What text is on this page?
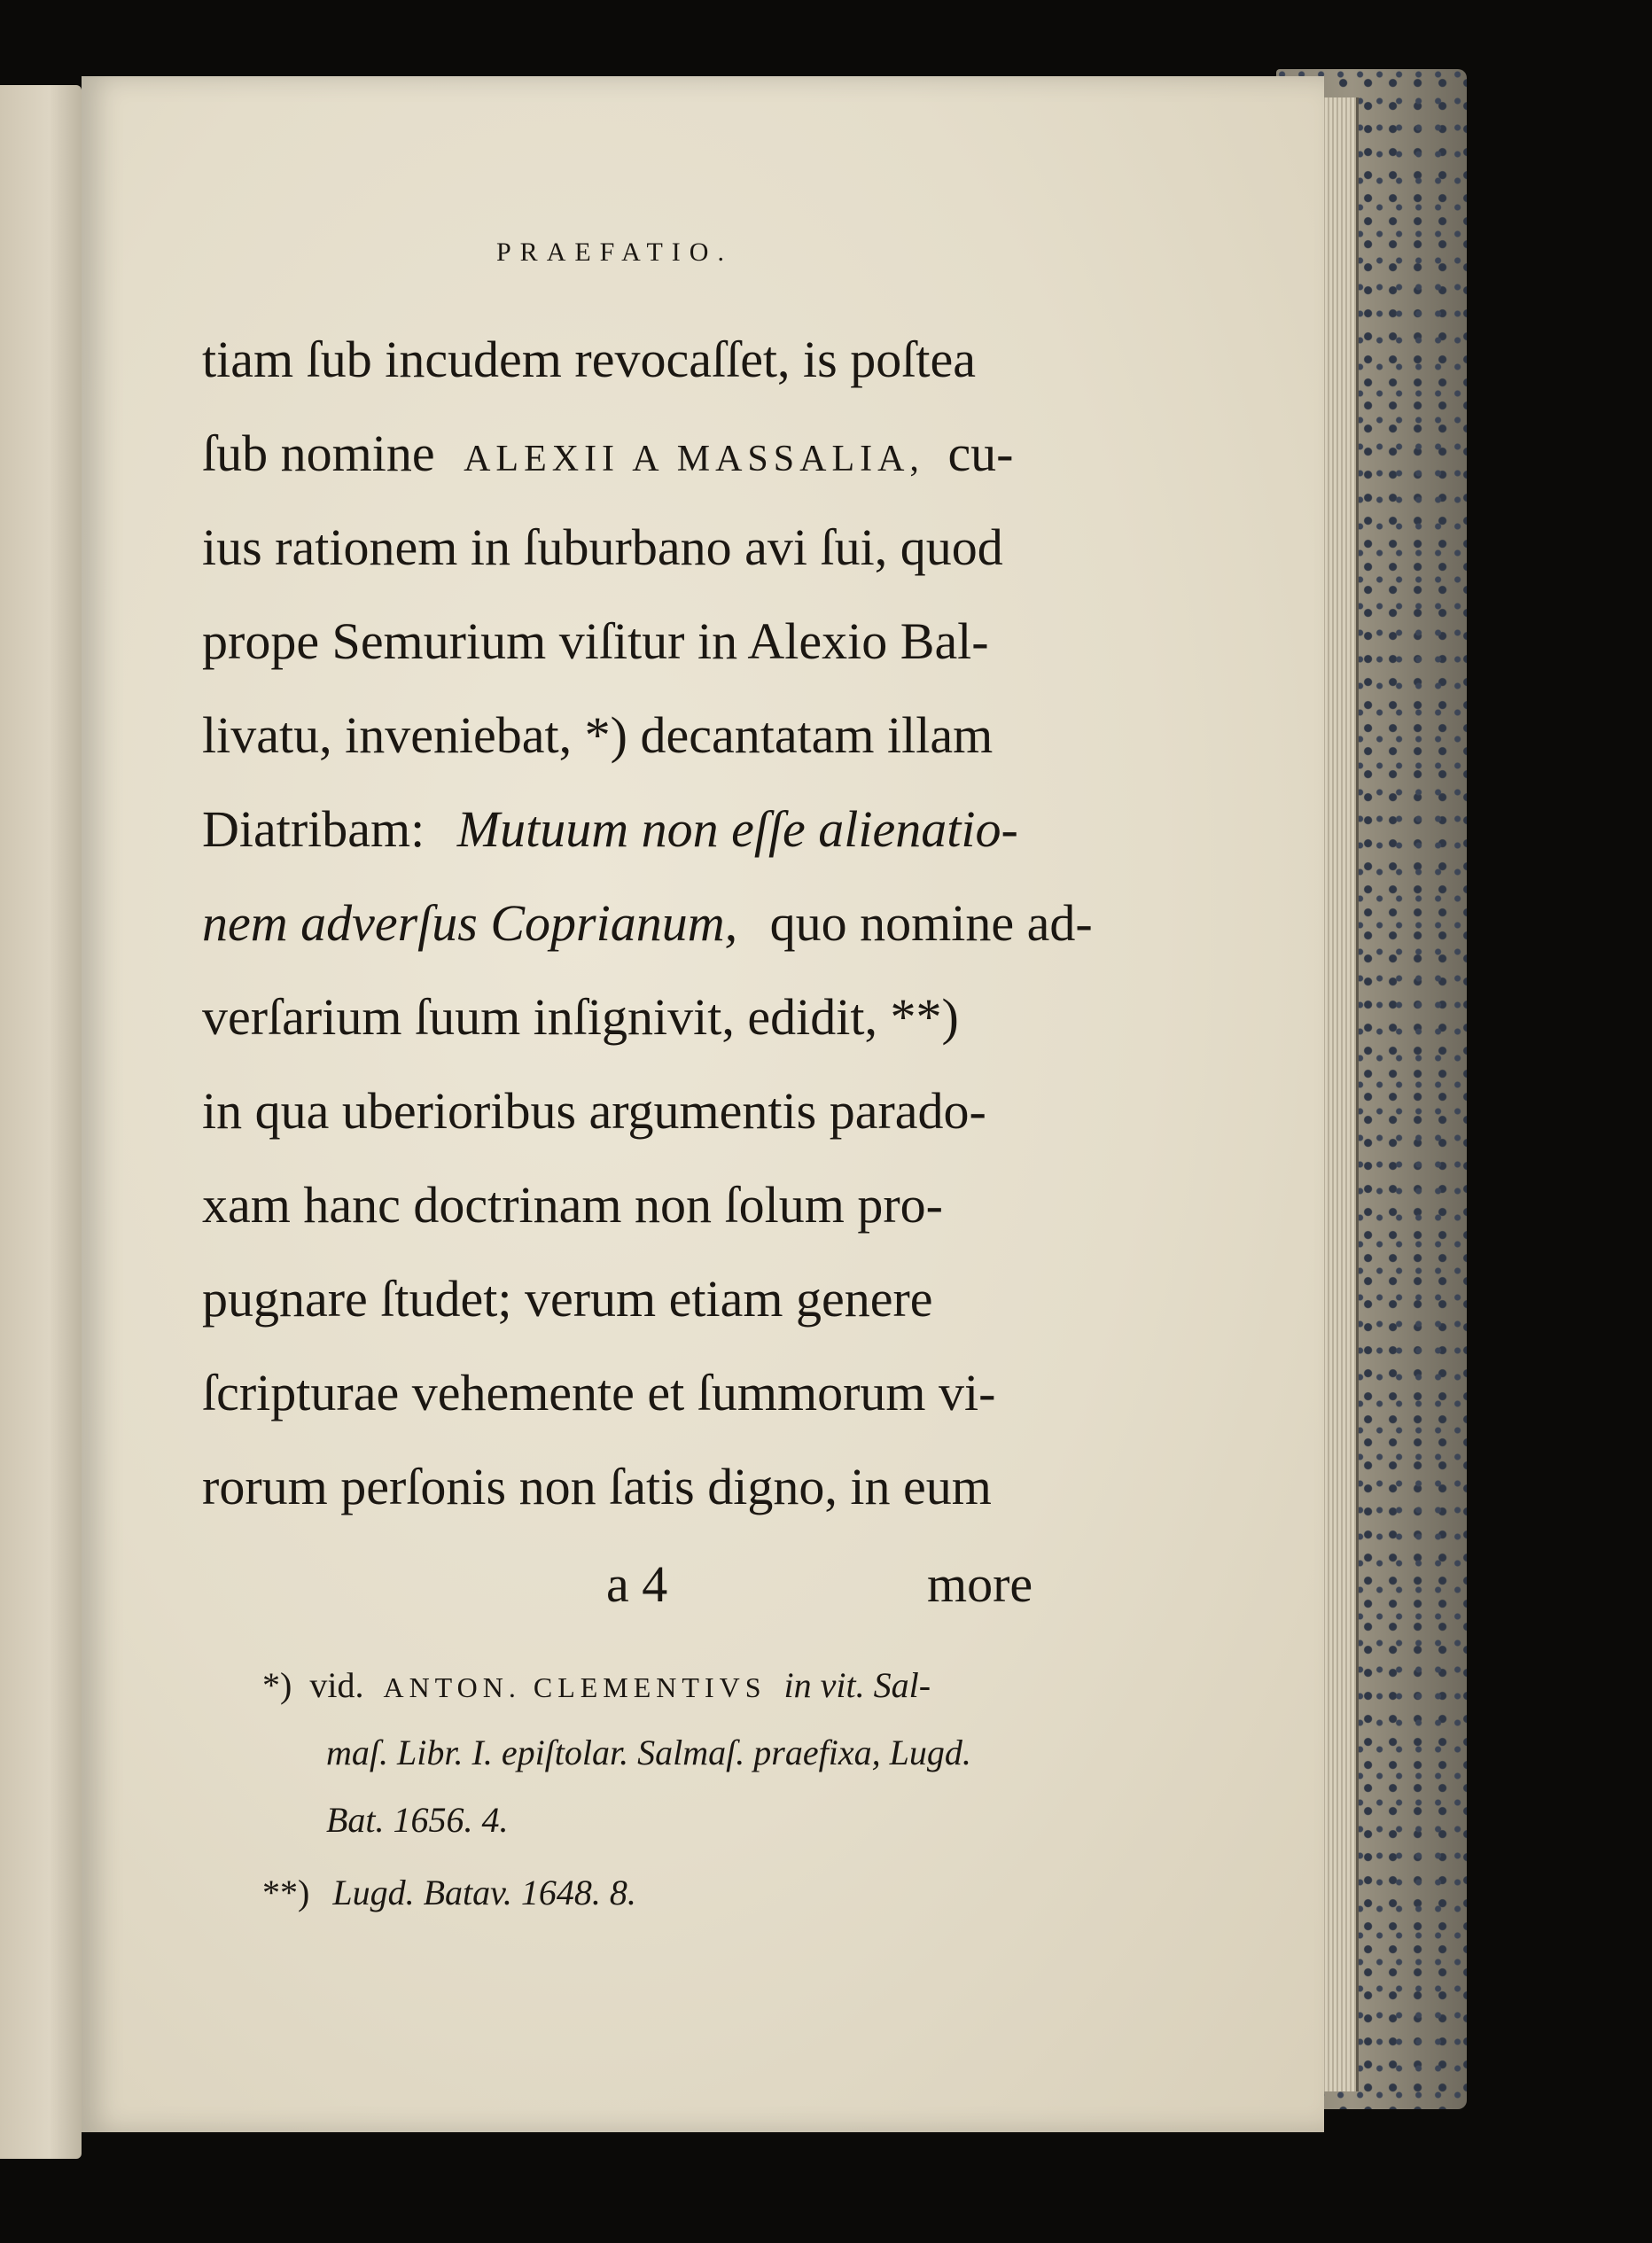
PRAEFATIO.
tiam ſub incudem revocaſſet, is poſtea
ſub nomine ALEXII A MASSALIA, cu-
ius rationem in ſuburbano avi ſui, quod
prope Semurium viſitur in Alexio Bal-
livatu, inveniebat, *) decantatam illam
Diatribam: Mutuum non eſſe alienatio-
nem adverſus Coprianum, quo nomine ad-
verſarium ſuum inſignivit, edidit, **)
in qua uberioribus argumentis parado-
xam hanc doctrinam non ſolum pro-
pugnare ſtudet; verum etiam genere
ſcripturae vehemente et ſummorum vi-
rorum perſonis non ſatis digno, in eum
a 4	more
*) vid. ANTON. CLEMENTIVS in vit. Sal-
maſ. Libr. I. epiſtolar. Salmaſ. praefixa, Lugd.
Bat. 1656. 4.
**) Lugd. Batav. 1648. 8.
